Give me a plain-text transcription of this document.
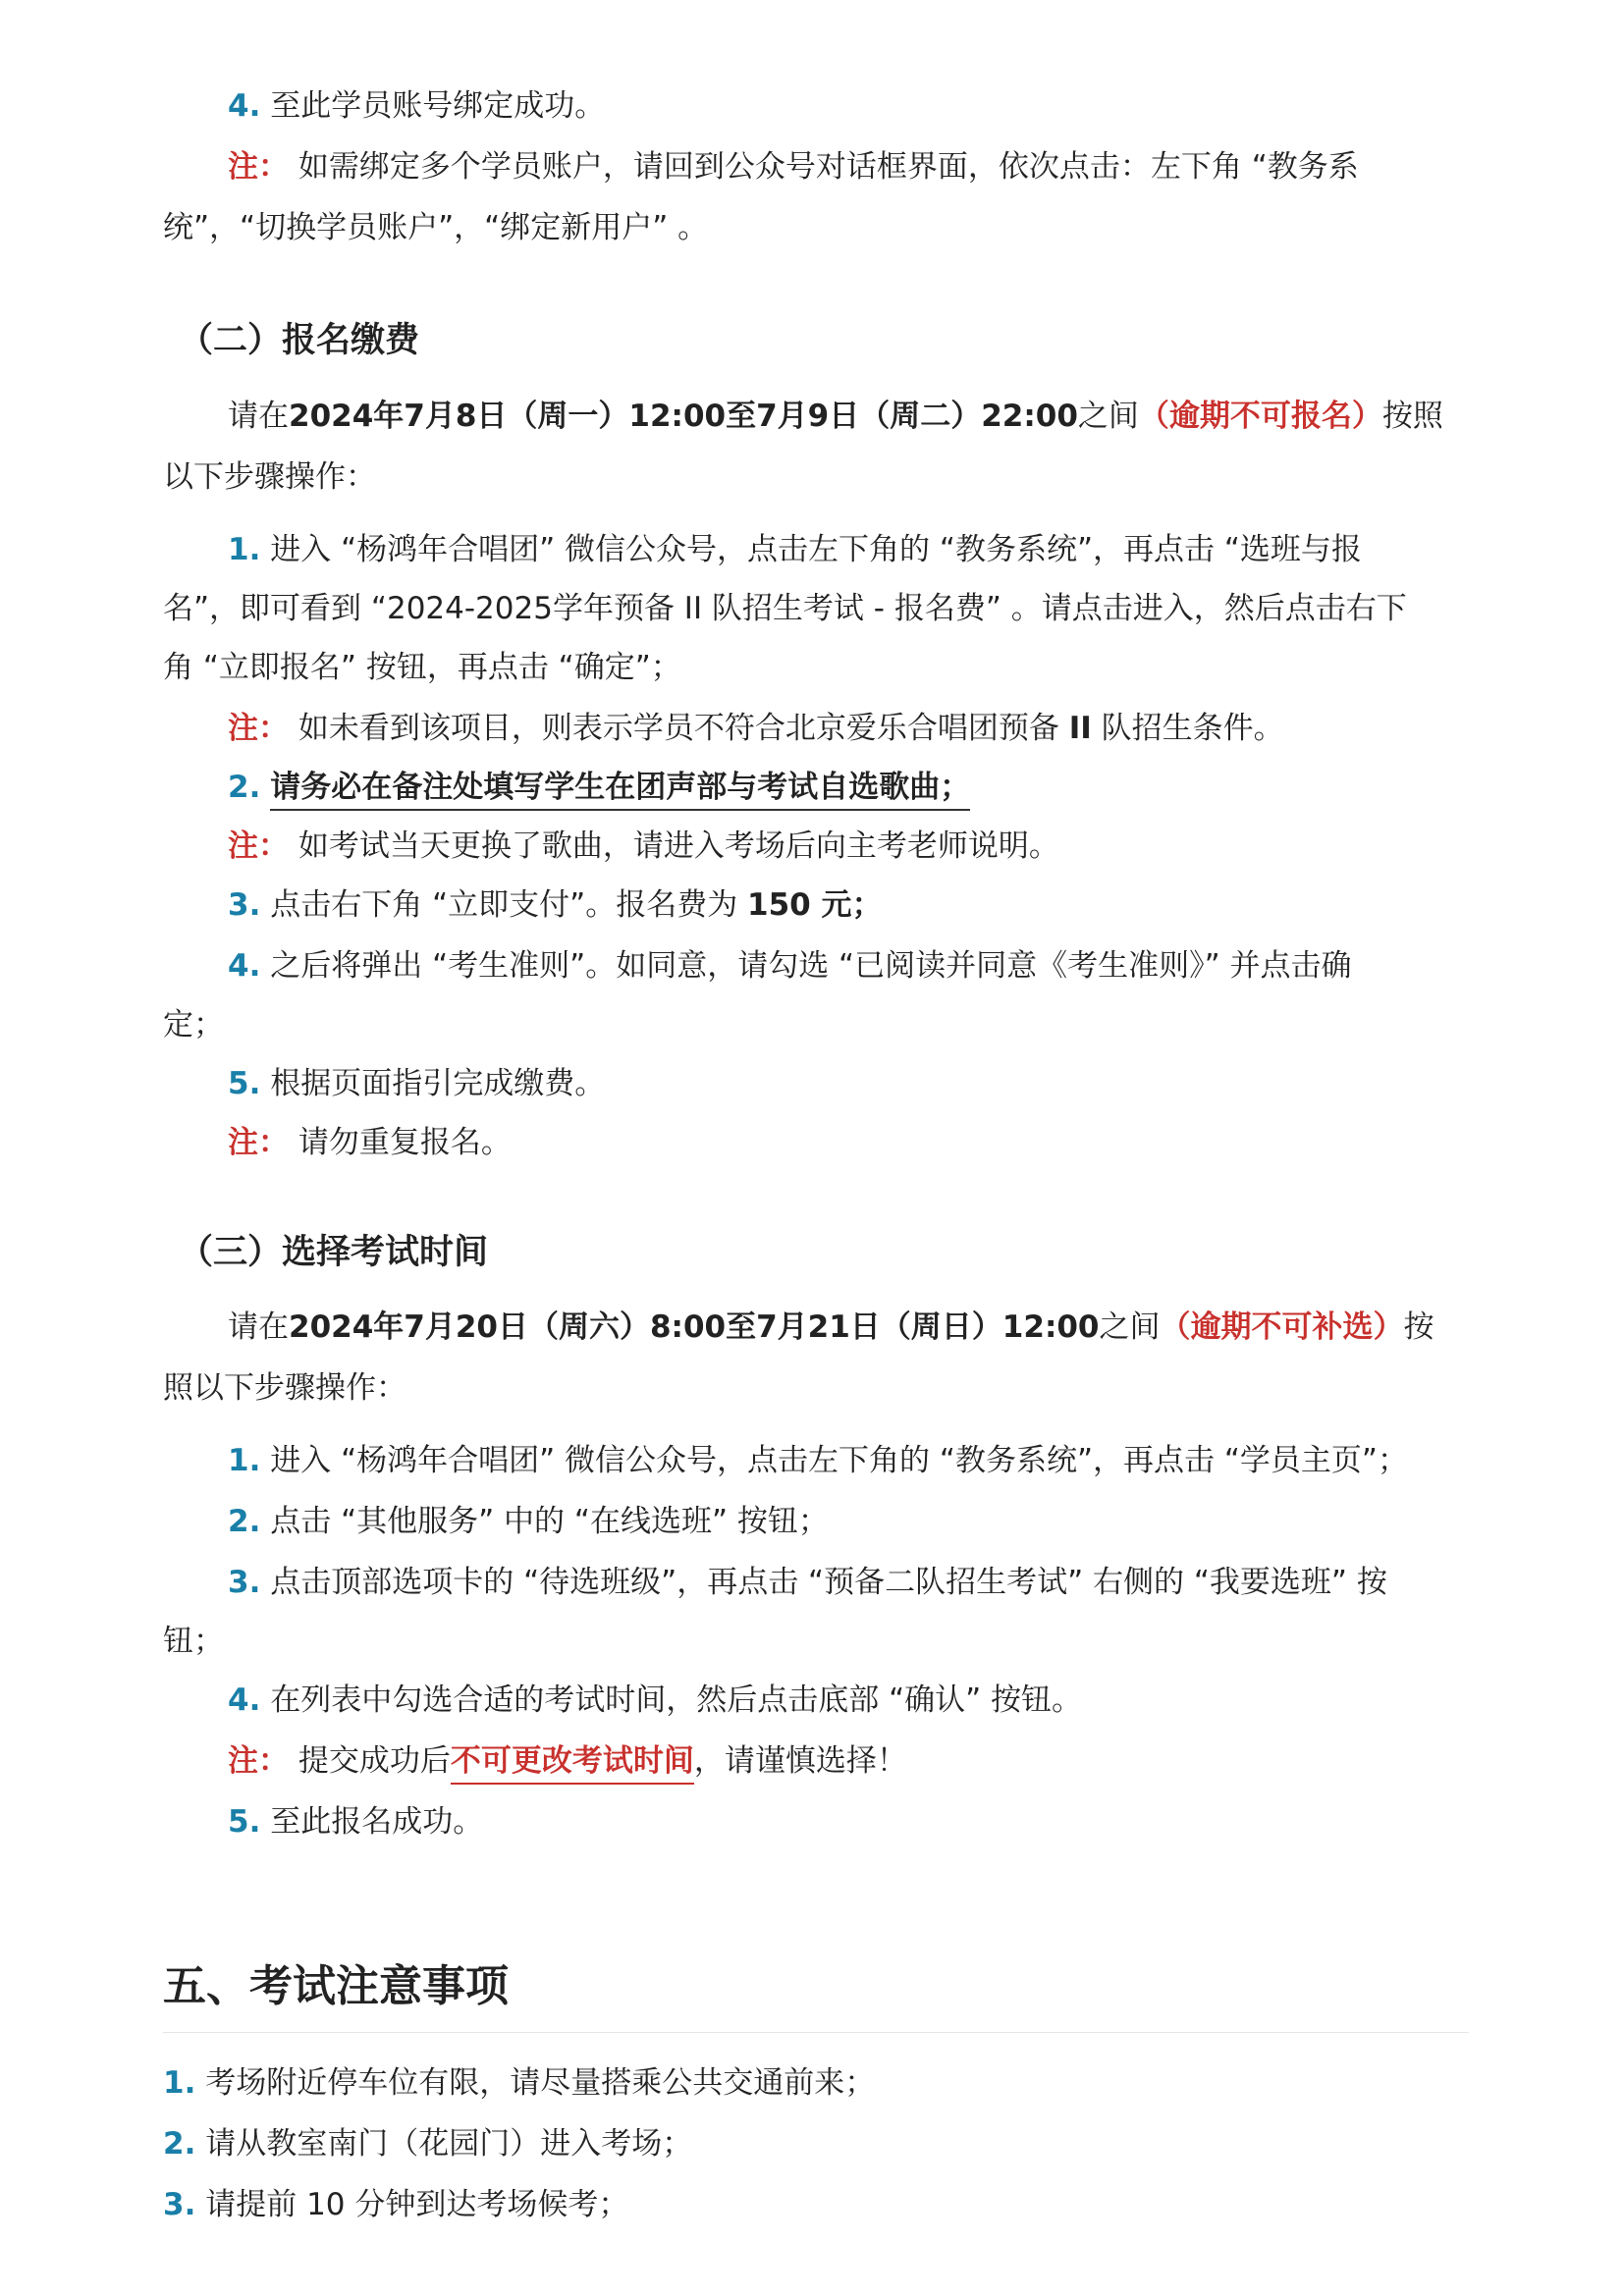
4. 至此学员账号绑定成功。
注： 如需绑定多个学员账户，请回到公众号对话框界面，依次点击：左下角 “教务系
统”，“切换学员账户”，“绑定新用户” 。
（二）报名缴费
请在2024年7月8日（周一）12:00至7月9日（周二）22:00之间（逾期不可报名）按照
以下步骤操作：
1. 进入 “杨鸿年合唱团” 微信公众号，点击左下角的 “教务系统”，再点击 “选班与报
名”，即可看到 “2024-2025学年预备 II 队招生考试 - 报名费” 。请点击进入，然后点击右下
角 “立即报名” 按钮，再点击 “确定”；
注： 如未看到该项目，则表示学员不符合北京爱乐合唱团预备 II 队招生条件。
2. 请务必在备注处填写学生在团声部与考试自选歌曲；
注： 如考试当天更换了歌曲，请进入考场后向主考老师说明。
3. 点击右下角 “立即支付”。报名费为 150 元；
4. 之后将弹出 “考生准则”。如同意，请勾选 “已阅读并同意《考生准则》” 并点击确
定；
5. 根据页面指引完成缴费。
注： 请勿重复报名。
（三）选择考试时间
请在2024年7月20日（周六）8:00至7月21日（周日）12:00之间（逾期不可补选）按
照以下步骤操作：
1. 进入 “杨鸿年合唱团” 微信公众号，点击左下角的 “教务系统”，再点击 “学员主页”；
2. 点击 “其他服务” 中的 “在线选班” 按钮；
3. 点击顶部选项卡的 “待选班级”，再点击 “预备二队招生考试” 右侧的 “我要选班” 按
钮；
4. 在列表中勾选合适的考试时间，然后点击底部 “确认” 按钮。
注： 提交成功后不可更改考试时间，请谨慎选择！
5. 至此报名成功。
五、考试注意事项
1. 考场附近停车位有限，请尽量搭乘公共交通前来；
2. 请从教室南门（花园门）进入考场；
3. 请提前 10 分钟到达考场候考；
